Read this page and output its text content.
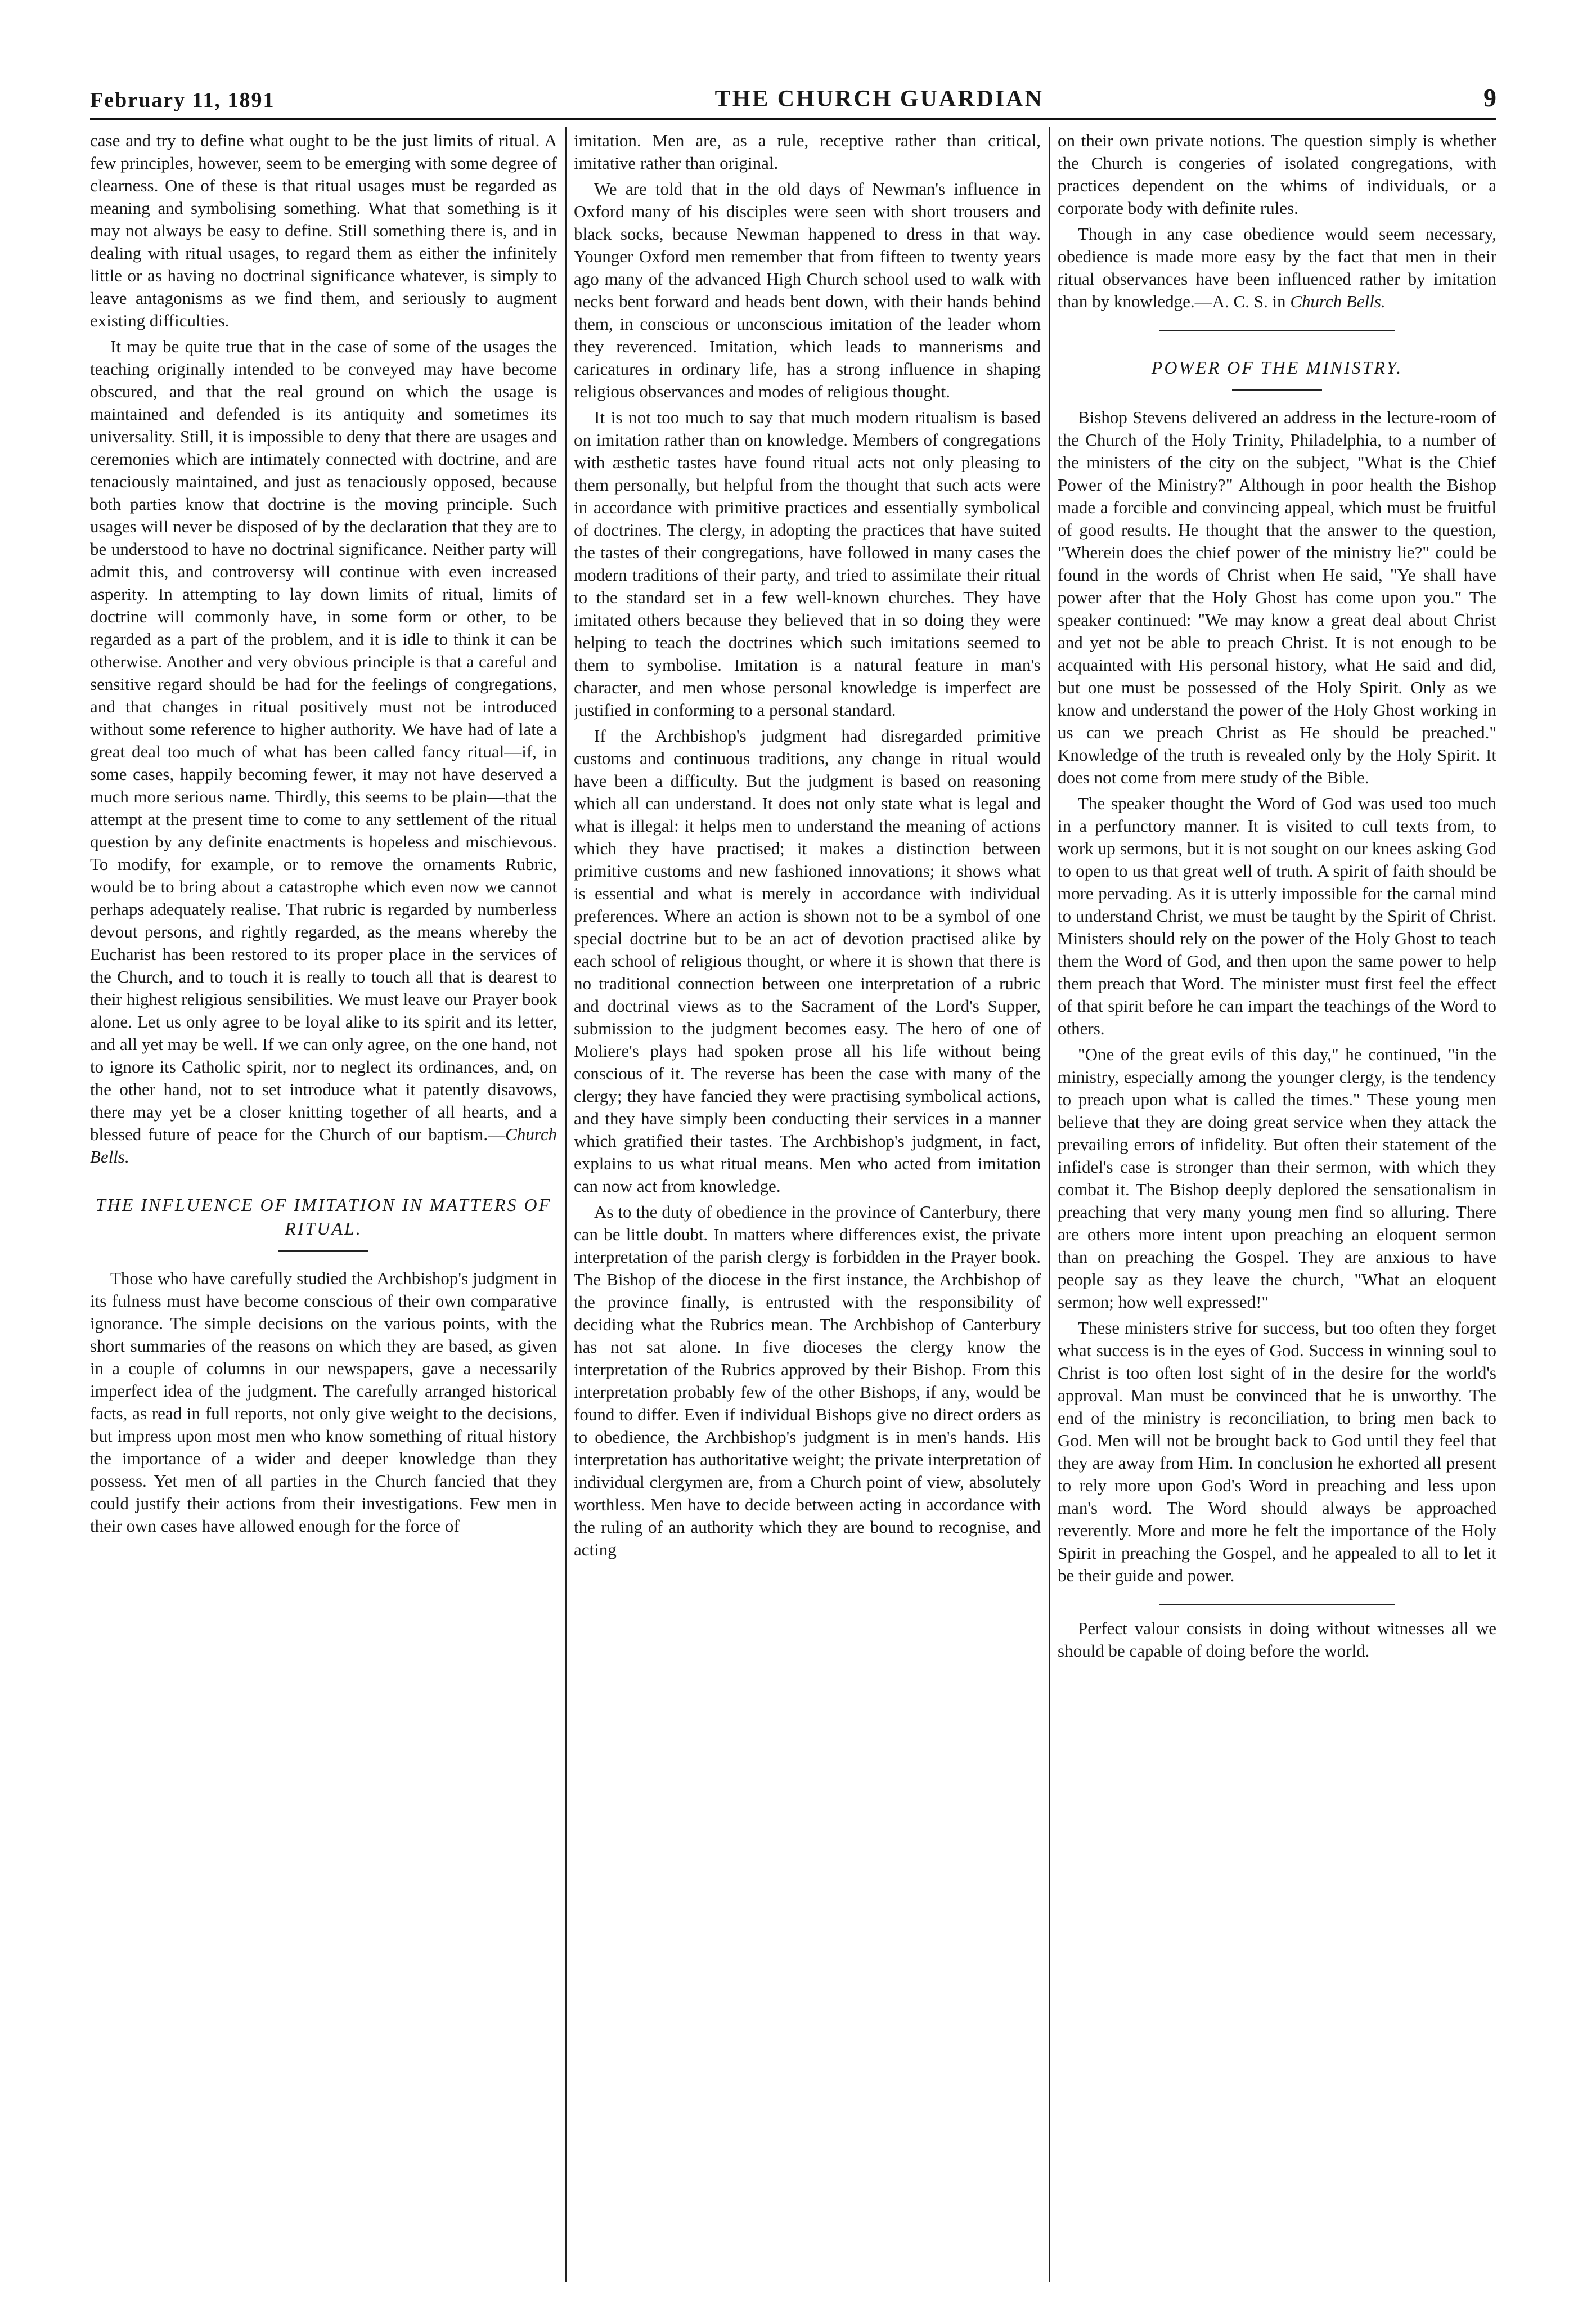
February 11, 1891	THE CHURCH GUARDIAN	9

case and try to define what ought to be the just limits of ritual. A few principles, however, seem to be emerging with some degree of clearness. One of these is that ritual usages must be regarded as meaning and symbolising something. What that something is it may not always be easy to define. Still something there is, and in dealing with ritual usages, to regard them as either the infinitely little or as having no doctrinal significance whatever, is simply to leave antagonisms as we find them, and seriously to augment existing difficulties.

It may be quite true that in the case of some of the usages the teaching originally intended to be conveyed may have become obscured, and that the real ground on which the usage is maintained and defended is its antiquity and sometimes its universality. Still, it is impossible to deny that there are usages and ceremonies which are intimately connected with doctrine, and are tenaciously maintained, and just as tenaciously opposed, because both parties know that doctrine is the moving principle. Such usages will never be disposed of by the declaration that they are to be understood to have no doctrinal significance. Neither party will admit this, and controversy will continue with even increased asperity. In attempting to lay down limits of ritual, limits of doctrine will commonly have, in some form or other, to be regarded as a part of the problem, and it is idle to think it can be otherwise. Another and very obvious principle is that a careful and sensitive regard should be had for the feelings of congregations, and that changes in ritual positively must not be introduced without some reference to higher authority. We have had of late a great deal too much of what has been called fancy ritual—if, in some cases, happily becoming fewer, it may not have deserved a much more serious name. Thirdly, this seems to be plain—that the attempt at the present time to come to any settlement of the ritual question by any definite enactments is hopeless and mischievous. To modify, for example, or to remove the ornaments Rubric, would be to bring about a catastrophe which even now we cannot perhaps adequately realise. That rubric is regarded by numberless devout persons, and rightly regarded, as the means whereby the Eucharist has been restored to its proper place in the services of the Church, and to touch it is really to touch all that is dearest to their highest religious sensibilities. We must leave our Prayer book alone. Let us only agree to be loyal alike to its spirit and its letter, and all yet may be well. If we can only agree, on the one hand, not to ignore its Catholic spirit, nor to neglect its ordinances, and, on the other hand, not to set introduce what it patently disavows, there may yet be a closer knitting together of all hearts, and a blessed future of peace for the Church of our baptism.—Church Bells.

THE INFLUENCE OF IMITATION IN MATTERS OF RITUAL.

Those who have carefully studied the Archbishop's judgment in its fulness must have become conscious of their own comparative ignorance. The simple decisions on the various points, with the short summaries of the reasons on which they are based, as given in a couple of columns in our newspapers, gave a necessarily imperfect idea of the judgment. The carefully arranged historical facts, as read in full reports, not only give weight to the decisions, but impress upon most men who know something of ritual history the importance of a wider and deeper knowledge than they possess. Yet men of all parties in the Church fancied that they could justify their actions from their investigations. Few men in their own cases have allowed enough for the force of

imitation. Men are, as a rule, receptive rather than critical, imitative rather than original.

We are told that in the old days of Newman's influence in Oxford many of his disciples were seen with short trousers and black socks, because Newman happened to dress in that way. Younger Oxford men remember that from fifteen to twenty years ago many of the advanced High Church school used to walk with necks bent forward and heads bent down, with their hands behind them, in conscious or unconscious imitation of the leader whom they reverenced. Imitation, which leads to mannerisms and caricatures in ordinary life, has a strong influence in shaping religious observances and modes of religious thought.

It is not too much to say that much modern ritualism is based on imitation rather than on knowledge. Members of congregations with æsthetic tastes have found ritual acts not only pleasing to them personally, but helpful from the thought that such acts were in accordance with primitive practices and essentially symbolical of doctrines. The clergy, in adopting the practices that have suited the tastes of their congregations, have followed in many cases the modern traditions of their party, and tried to assimilate their ritual to the standard set in a few well-known churches. They have imitated others because they believed that in so doing they were helping to teach the doctrines which such imitations seemed to them to symbolise. Imitation is a natural feature in man's character, and men whose personal knowledge is imperfect are justified in conforming to a personal standard.

If the Archbishop's judgment had disregarded primitive customs and continuous traditions, any change in ritual would have been a difficulty. But the judgment is based on reasoning which all can understand. It does not only state what is legal and what is illegal: it helps men to understand the meaning of actions which they have practised; it makes a distinction between primitive customs and new fashioned innovations; it shows what is essential and what is merely in accordance with individual preferences. Where an action is shown not to be a symbol of one special doctrine but to be an act of devotion practised alike by each school of religious thought, or where it is shown that there is no traditional connection between one interpretation of a rubric and doctrinal views as to the Sacrament of the Lord's Supper, submission to the judgment becomes easy. The hero of one of Moliere's plays had spoken prose all his life without being conscious of it. The reverse has been the case with many of the clergy; they have fancied they were practising symbolical actions, and they have simply been conducting their services in a manner which gratified their tastes. The Archbishop's judgment, in fact, explains to us what ritual means. Men who acted from imitation can now act from knowledge.

As to the duty of obedience in the province of Canterbury, there can be little doubt. In matters where differences exist, the private interpretation of the parish clergy is forbidden in the Prayer book. The Bishop of the diocese in the first instance, the Archbishop of the province finally, is entrusted with the responsibility of deciding what the Rubrics mean. The Archbishop of Canterbury has not sat alone. In five dioceses the clergy know the interpretation of the Rubrics approved by their Bishop. From this interpretation probably few of the other Bishops, if any, would be found to differ. Even if individual Bishops give no direct orders as to obedience, the Archbishop's judgment is in men's hands. His interpretation has authoritative weight; the private interpretation of individual clergymen are, from a Church point of view, absolutely worthless. Men have to decide between acting in accordance with the ruling of an authority which they are bound to recognise, and acting

on their own private notions. The question simply is whether the Church is congeries of isolated congregations, with practices dependent on the whims of individuals, or a corporate body with definite rules.

Though in any case obedience would seem necessary, obedience is made more easy by the fact that men in their ritual observances have been influenced rather by imitation than by knowledge.—A. C. S. in Church Bells.

POWER OF THE MINISTRY.

Bishop Stevens delivered an address in the lecture-room of the Church of the Holy Trinity, Philadelphia, to a number of the ministers of the city on the subject, "What is the Chief Power of the Ministry?" Although in poor health the Bishop made a forcible and convincing appeal, which must be fruitful of good results. He thought that the answer to the question, "Wherein does the chief power of the ministry lie?" could be found in the words of Christ when He said, "Ye shall have power after that the Holy Ghost has come upon you." The speaker continued: "We may know a great deal about Christ and yet not be able to preach Christ. It is not enough to be acquainted with His personal history, what He said and did, but one must be possessed of the Holy Spirit. Only as we know and understand the power of the Holy Ghost working in us can we preach Christ as He should be preached." Knowledge of the truth is revealed only by the Holy Spirit. It does not come from mere study of the Bible.

The speaker thought the Word of God was used too much in a perfunctory manner. It is visited to cull texts from, to work up sermons, but it is not sought on our knees asking God to open to us that great well of truth. A spirit of faith should be more pervading. As it is utterly impossible for the carnal mind to understand Christ, we must be taught by the Spirit of Christ. Ministers should rely on the power of the Holy Ghost to teach them the Word of God, and then upon the same power to help them preach that Word. The minister must first feel the effect of that spirit before he can impart the teachings of the Word to others.

"One of the great evils of this day," he continued, "in the ministry, especially among the younger clergy, is the tendency to preach upon what is called the times." These young men believe that they are doing great service when they attack the prevailing errors of infidelity. But often their statement of the infidel's case is stronger than their sermon, with which they combat it. The Bishop deeply deplored the sensationalism in preaching that very many young men find so alluring. There are others more intent upon preaching an eloquent sermon than on preaching the Gospel. They are anxious to have people say as they leave the church, "What an eloquent sermon; how well expressed!"

These ministers strive for success, but too often they forget what success is in the eyes of God. Success in winning soul to Christ is too often lost sight of in the desire for the world's approval. Man must be convinced that he is unworthy. The end of the ministry is reconciliation, to bring men back to God. Men will not be brought back to God until they feel that they are away from Him. In conclusion he exhorted all present to rely more upon God's Word in preaching and less upon man's word. The Word should always be approached reverently. More and more he felt the importance of the Holy Spirit in preaching the Gospel, and he appealed to all to let it be their guide and power.

Perfect valour consists in doing without witnesses all we should be capable of doing before the world.
